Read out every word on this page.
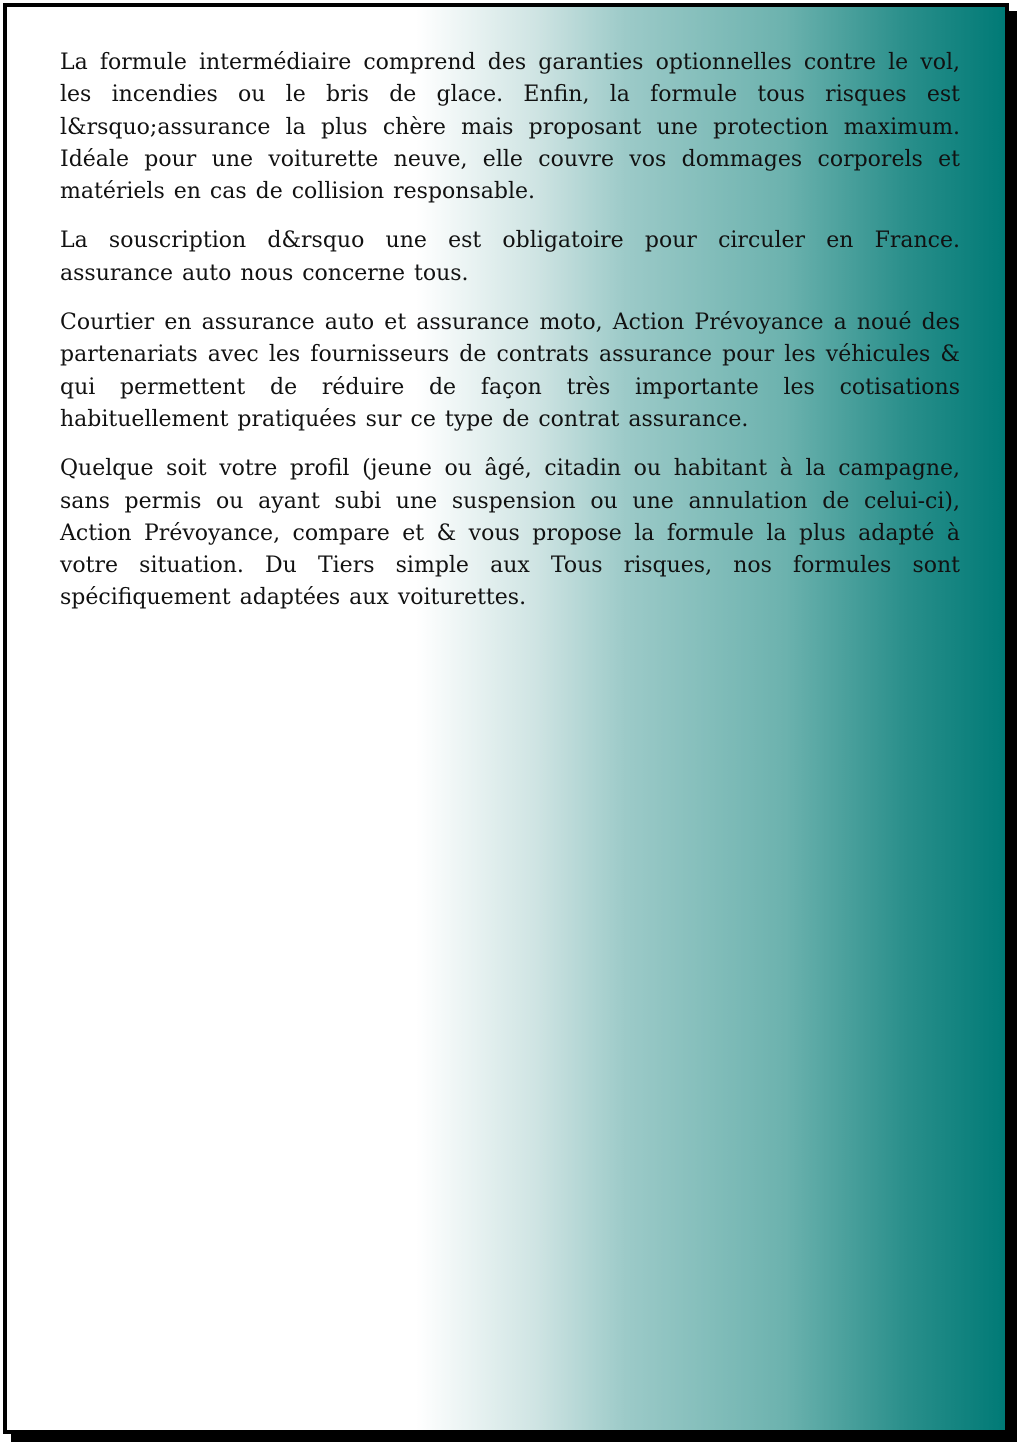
La formule intermédiaire comprend des garanties optionnelles contre le vol, les incendies ou le bris de glace. Enfin, la formule tous risques est l&rsquo;assurance la plus chère mais proposant une protection maximum. Idéale pour une voiturette neuve, elle couvre vos dommages corporels et matériels en cas de collision responsable.

La souscription d&rsquo une est obligatoire pour circuler en France. assurance auto nous concerne tous.

Courtier en assurance auto et assurance moto, Action Prévoyance a noué des partenariats avec les fournisseurs de contrats assurance pour les véhicules & qui permettent de réduire de façon très importante les cotisations habituellement pratiquées sur ce type de contrat assurance.

Quelque soit votre profil (jeune ou âgé, citadin ou habitant à la campagne, sans permis ou ayant subi une suspension ou une annulation de celui-ci), Action Prévoyance, compare et & vous propose la formule la plus adapté à votre situation. Du Tiers simple aux Tous risques, nos formules sont spécifiquement adaptées aux voiturettes.
